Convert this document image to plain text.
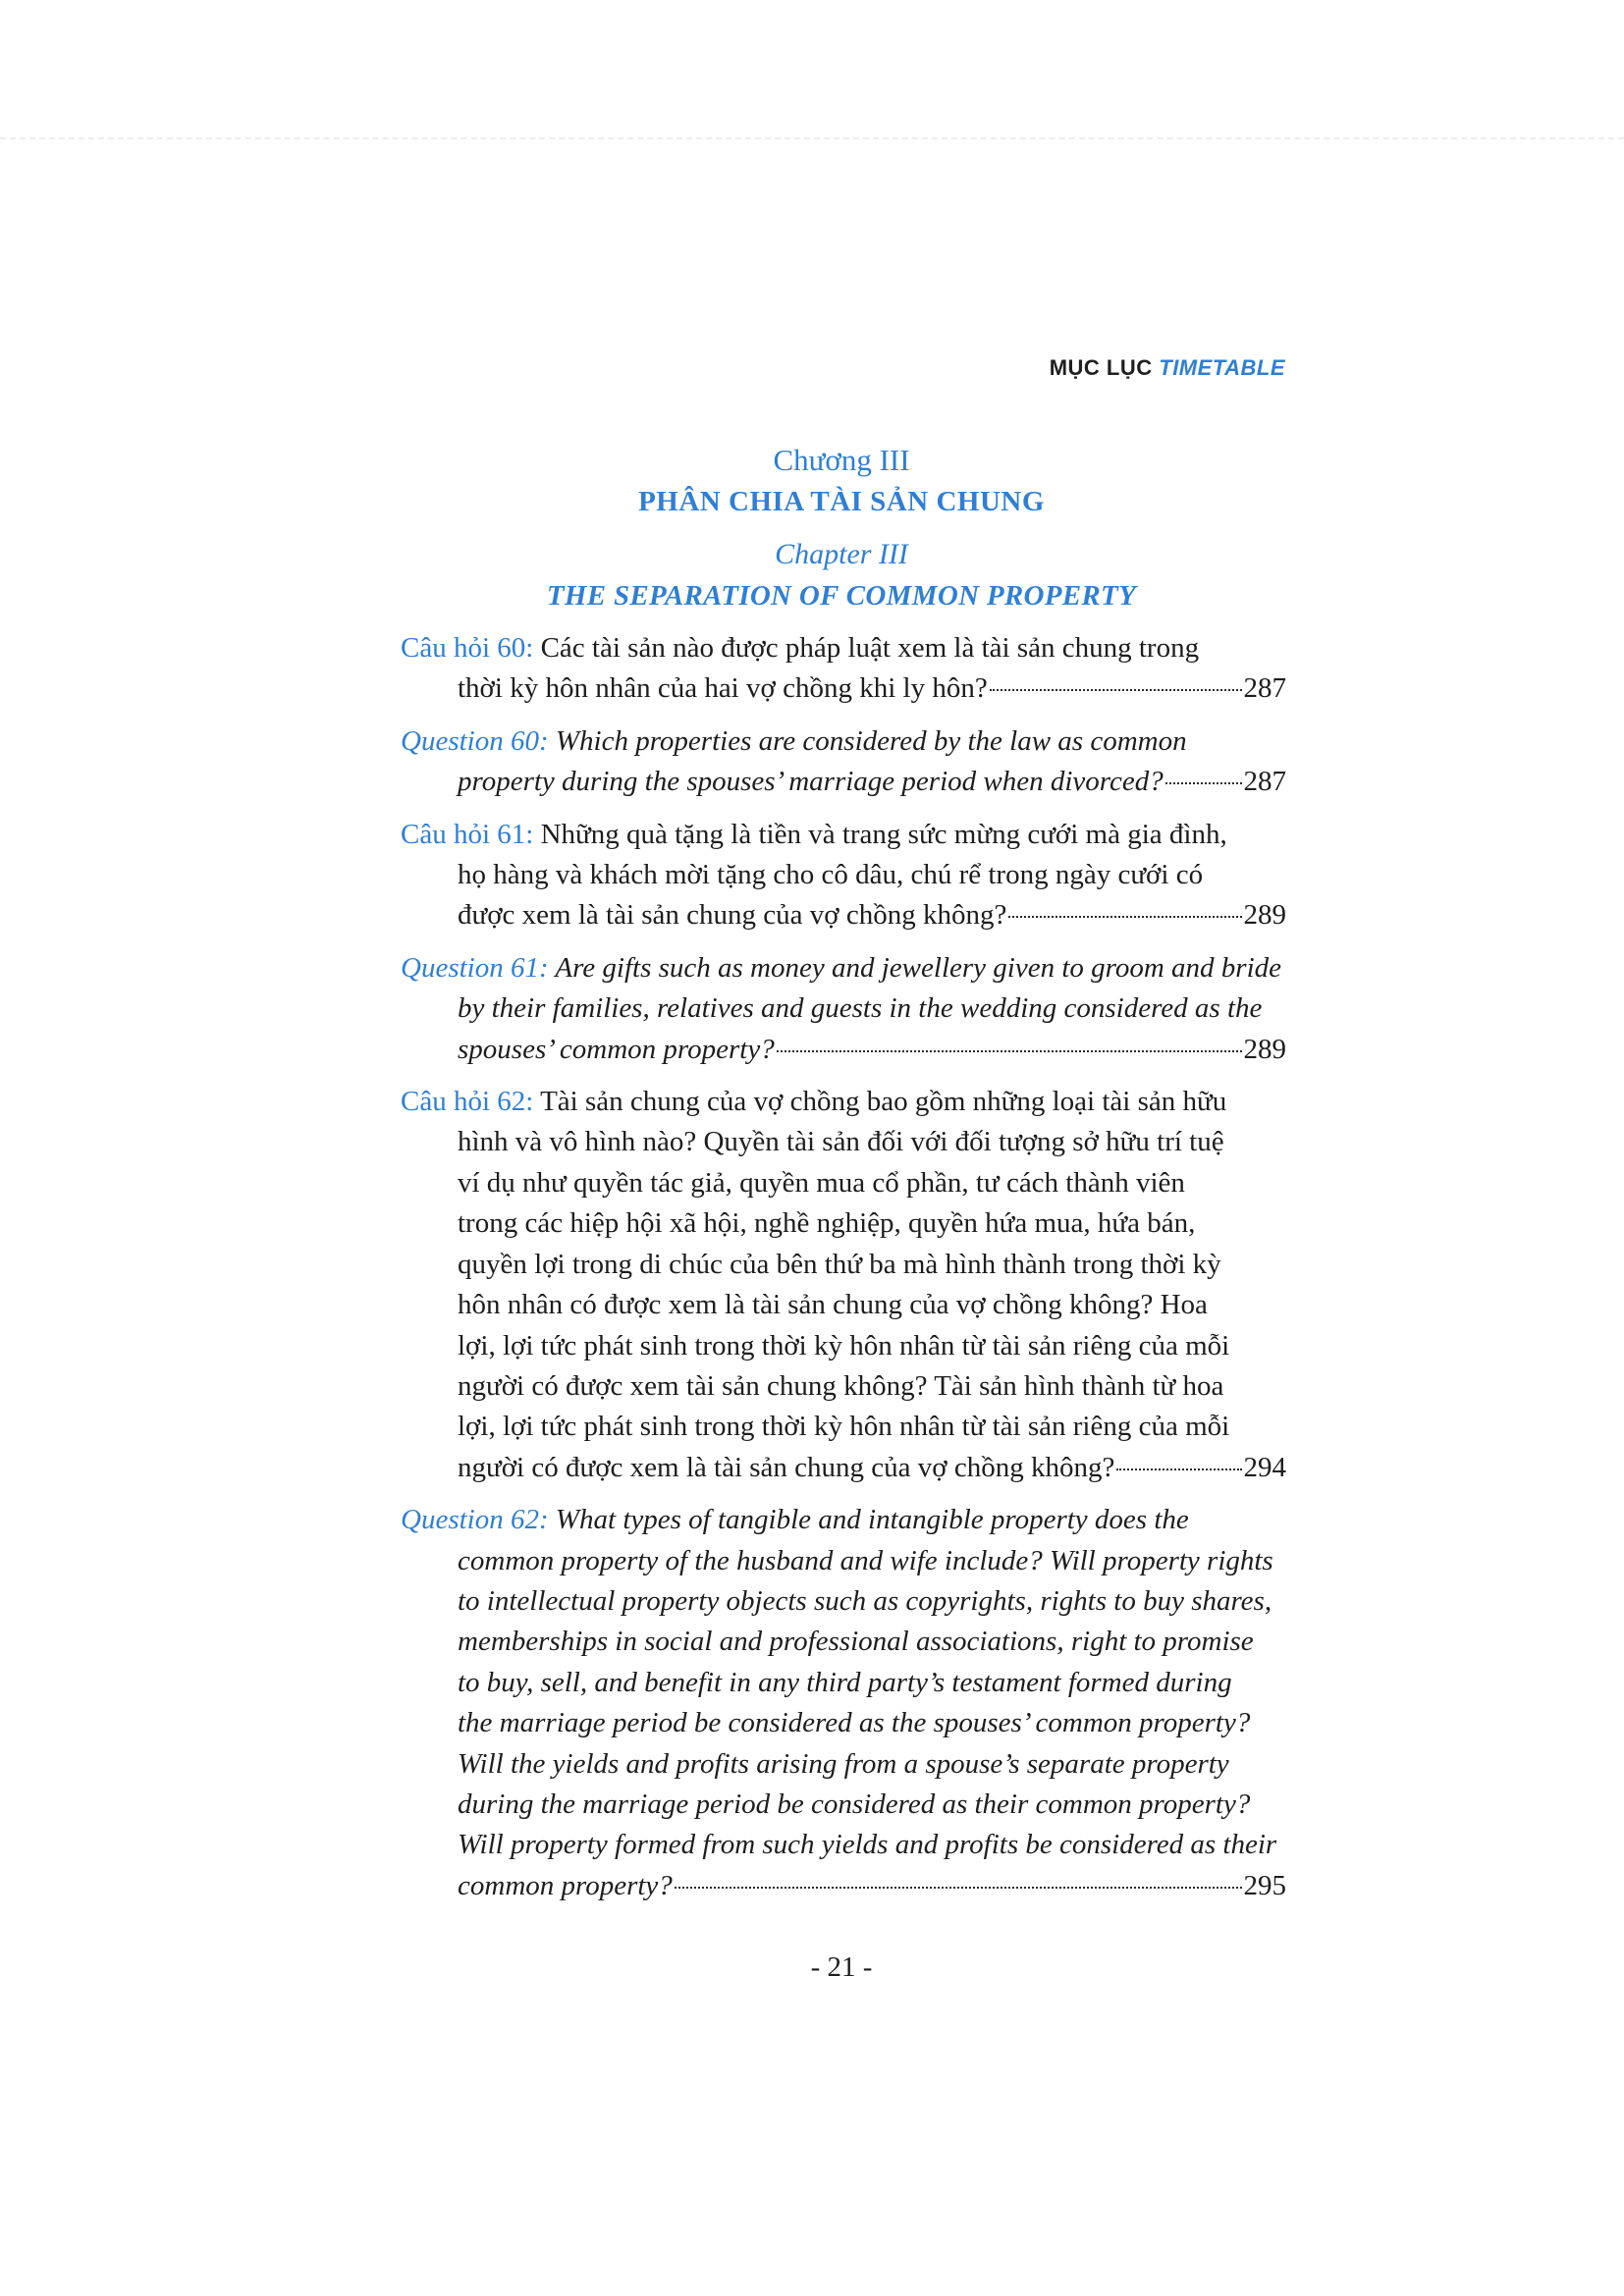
MỤC LỤC TIMETABLE
Chương III
PHÂN CHIA TÀI SẢN CHUNG
Chapter III
THE SEPARATION OF COMMON PROPERTY
Câu hỏi 60: Các tài sản nào được pháp luật xem là tài sản chung trong
thời kỳ hôn nhân của hai vợ chồng khi ly hôn?	287
Question 60: Which properties are considered by the law as common
property during the spouses’ marriage period when divorced?	287
Câu hỏi 61: Những quà tặng là tiền và trang sức mừng cưới mà gia đình,
họ hàng và khách mời tặng cho cô dâu, chú rể trong ngày cưới có
được xem là tài sản chung của vợ chồng không?	289
Question 61: Are gifts such as money and jewellery given to groom and bride
by their families, relatives and guests in the wedding considered as the
spouses’ common property?	289
Câu hỏi 62: Tài sản chung của vợ chồng bao gồm những loại tài sản hữu
hình và vô hình nào? Quyền tài sản đối với đối tượng sở hữu trí tuệ
ví dụ như quyền tác giả, quyền mua cổ phần, tư cách thành viên
trong các hiệp hội xã hội, nghề nghiệp, quyền hứa mua, hứa bán,
quyền lợi trong di chúc của bên thứ ba mà hình thành trong thời kỳ
hôn nhân có được xem là tài sản chung của vợ chồng không? Hoa
lợi, lợi tức phát sinh trong thời kỳ hôn nhân từ tài sản riêng của mỗi
người có được xem tài sản chung không? Tài sản hình thành từ hoa
lợi, lợi tức phát sinh trong thời kỳ hôn nhân từ tài sản riêng của mỗi
người có được xem là tài sản chung của vợ chồng không?	294
Question 62: What types of tangible and intangible property does the
common property of the husband and wife include? Will property rights
to intellectual property objects such as copyrights, rights to buy shares,
memberships in social and professional associations, right to promise
to buy, sell, and benefit in any third party’s testament formed during
the marriage period be considered as the spouses’ common property?
Will the yields and profits arising from a spouse’s separate property
during the marriage period be considered as their common property?
Will property formed from such yields and profits be considered as their
common property?	295
- 21 -
